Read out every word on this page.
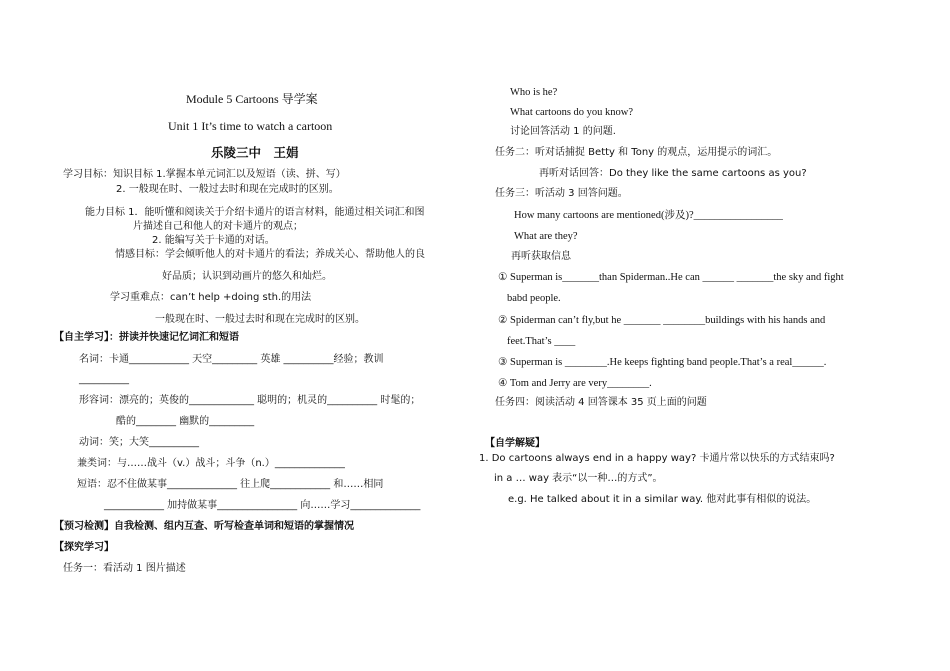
Module 5 Cartoons 导学案
Unit 1 It’s time to watch a cartoon
乐陵三中　王娟
学习目标：知识目标 1.掌握本单元词汇以及短语（读、拼、写）
2. 一般现在时、一般过去时和现在完成时的区别。
能力目标 1．能听懂和阅读关于介绍卡通片的语言材料，能通过相关词汇和图
片描述自己和他人的对卡通片的观点；
2. 能编写关于卡通的对话。
情感目标：学会倾听他人的对卡通片的看法；养成关心、帮助他人的良
好品质；认识到动画片的悠久和灿烂。
学习重难点：can’t help +doing sth.的用法
一般现在时、一般过去时和现在完成时的区别。
【自主学习】：拼读并快速记忆词汇和短语
名词：卡通____________ 天空_________ 英雄 __________经验；教训
__________
形容词：漂亮的；英俊的_____________ 聪明的；机灵的__________ 时髦的；
酷的________ 幽默的_________
动词：笑；大笑__________
兼类词：与……战斗（v.）战斗；斗争（n.）______________
短语：忍不住做某事______________ 往上爬____________ 和……相同
____________ 加持做某事________________ 向……学习______________
【预习检测】自我检测、组内互查、听写检查单词和短语的掌握情况
【探究学习】
任务一：看活动 1 图片描述
Who is he?
What cartoons do you know?
讨论回答活动 1 的问题.
任务二：听对话捕捉 Betty 和 Tony 的观点，运用提示的词汇。
再听对话回答：Do they like the same cartoons as you?
任务三：听活动 3 回答问题。
How many cartoons are mentioned(涉及)?_________________
What are they?
再听获取信息
① Superman is_______than Spiderman..He can ______ _______the sky and fight
babd people.
② Spiderman can’t fly,but he _______ ________buildings with his hands and
feet.That’s ____
③ Superman is ________.He keeps fighting band people.That’s a real______.
④ Tom and Jerry are very________.
任务四：阅读活动 4 回答课本 35 页上面的问题
【自学解疑】
1. Do cartoons always end in a happy way? 卡通片常以快乐的方式结束吗?
in a … way 表示“以一种…的方式”。
e.g. He talked about it in a similar way. 他对此事有相似的说法。
